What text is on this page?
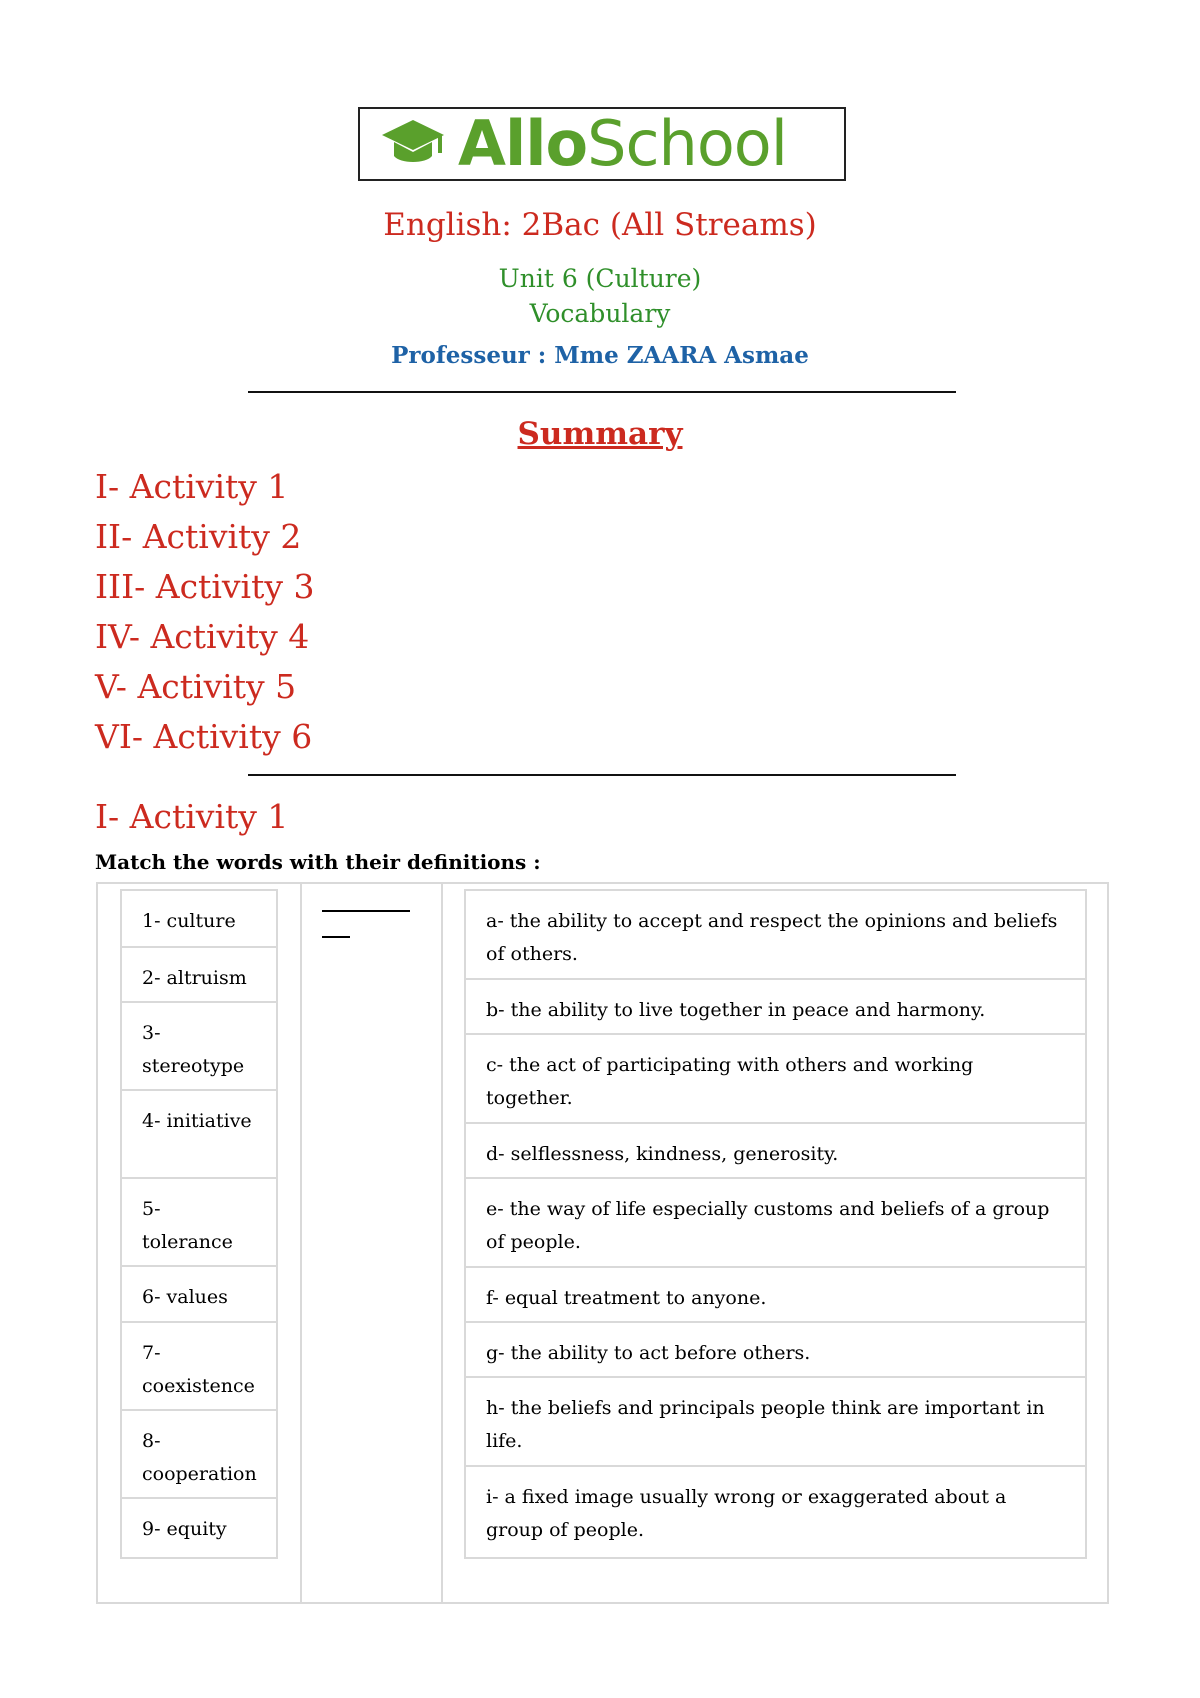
AlloSchool
English: 2Bac (All Streams)
Unit 6 (Culture)
Vocabulary
Professeur : Mme ZAARA Asmae
Summary
I- Activity 1
II- Activity 2
III- Activity 3
IV- Activity 4
V- Activity 5
VI- Activity 6
I- Activity 1
Match the words with their definitions :
1- culture
2- altruism
3- stereotype
4- initiative
5- tolerance
6- values
7- coexistence
8- cooperation
9- equity
a- the ability to accept and respect the opinions and beliefs of others.
b- the ability to live together in peace and harmony.
c- the act of participating with others and working together.
d- selflessness, kindness, generosity.
e- the way of life especially customs and beliefs of a group of people.
f- equal treatment to anyone.
g- the ability to act before others.
h- the beliefs and principals people think are important in life.
i- a fixed image usually wrong or exaggerated about a group of people.
